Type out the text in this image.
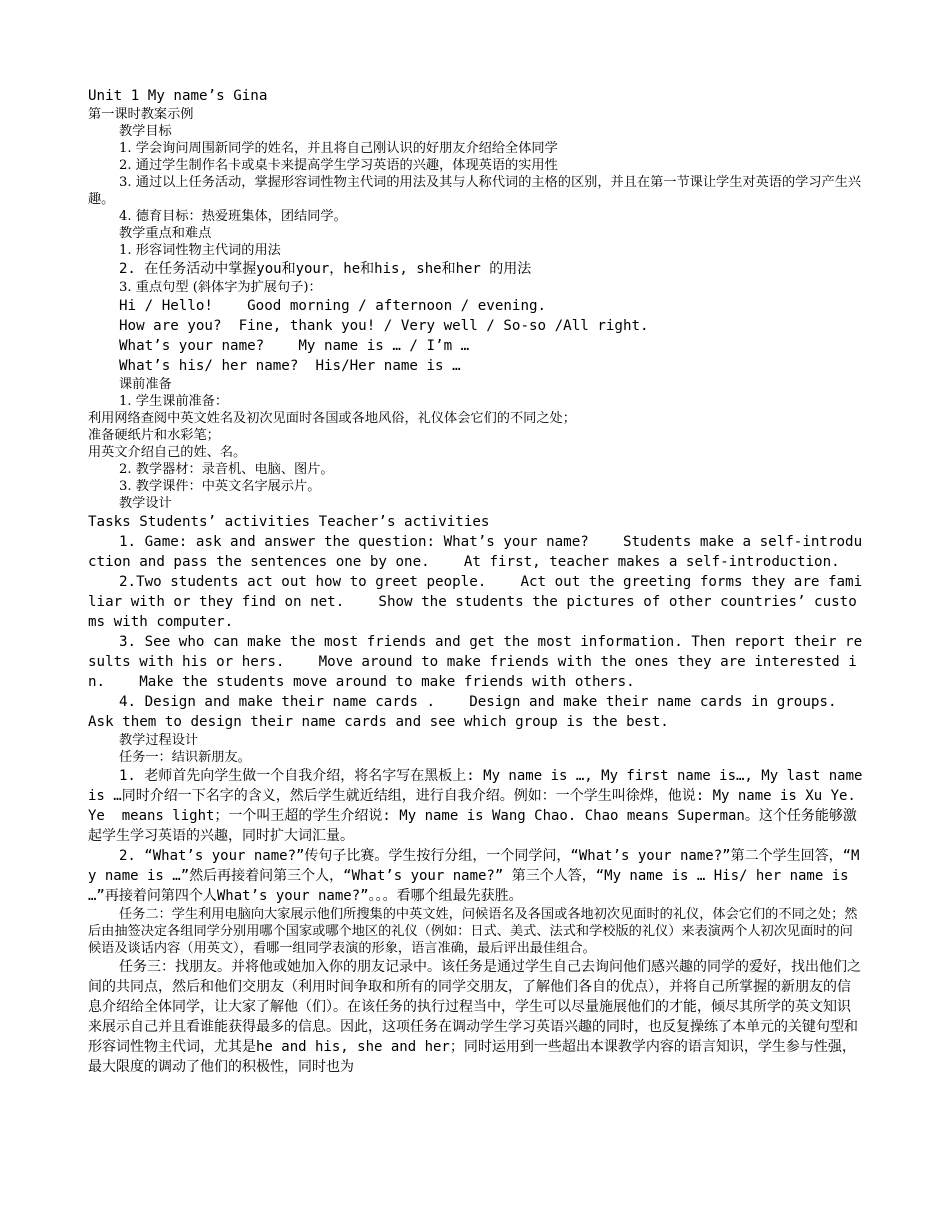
Unit 1 My name’s Gina

第一课时教案示例

教学目标

1. 学会询问周围新同学的姓名，并且将自己刚认识的好朋友介绍给全体同学

2. 通过学生制作名卡或桌卡来提高学生学习英语的兴趣，体现英语的实用性

3. 通过以上任务活动，掌握形容词性物主代词的用法及其与人称代词的主格的区别，并且在第一节课让学生对英语的学习产生兴趣。

4. 德育目标：热爱班集体，团结同学。

教学重点和难点

1. 形容词性物主代词的用法

2. 在任务活动中掌握you和your，he和his, she和her 的用法

3. 重点句型 (斜体字为扩展句子)：

Hi / Hello!    Good morning / afternoon / evening.

How are you?  Fine, thank you! / Very well / So-so /All right.

What’s your name?    My name is … / I’m …

What’s his/ her name?  His/Her name is …

课前准备

1. 学生课前准备：

利用网络查阅中英文姓名及初次见面时各国或各地风俗，礼仪体会它们的不同之处；

准备硬纸片和水彩笔；

用英文介绍自己的姓、名。

2. 教学器材：录音机、电脑、图片。

3. 教学课件：中英文名字展示片。

教学设计

Tasks Students’ activities Teacher’s activities

1. Game: ask and answer the question: What’s your name?    Students make a self-introduction and pass the sentences one by one.    At first, teacher makes a self-introduction.

2.Two students act out how to greet people.    Act out the greeting forms they are familiar with or they find on net.    Show the students the pictures of other countries’ customs with computer.

3. See who can make the most friends and get the most information. Then report their results with his or hers.    Move around to make friends with the ones they are interested in.    Make the students move around to make friends with others.

4. Design and make their name cards .    Design and make their name cards in groups.      Ask them to design their name cards and see which group is the best.

教学过程设计

任务一：结识新朋友。

1. 老师首先向学生做一个自我介绍，将名字写在黑板上: My name is …, My first name is…, My last name is …同时介绍一下名字的含义，然后学生就近结组，进行自我介绍。例如：一个学生叫徐烨，他说: My name is Xu Ye. Ye  means light；一个叫王超的学生介绍说: My name is Wang Chao. Chao means Superman。这个任务能够激起学生学习英语的兴趣，同时扩大词汇量。

2. “What’s your name?”传句子比赛。学生按行分组，一个同学问，“What’s your name?”第二个学生回答，“My name is …”然后再接着问第三个人，“What’s your name?” 第三个人答，“My name is … His/ her name is …”再接着问第四个人What’s your name?”。。。看哪个组最先获胜。

任务二：学生利用电脑向大家展示他们所搜集的中英文姓，问候语名及各国或各地初次见面时的礼仪，体会它们的不同之处；然后由抽签决定各组同学分别用哪个国家或哪个地区的礼仪（例如：日式、美式、法式和学校版的礼仪）来表演两个人初次见面时的问候语及谈话内容（用英文），看哪一组同学表演的形象，语言准确，最后评出最佳组合。

任务三：找朋友。并将他或她加入你的朋友记录中。该任务是通过学生自己去询问他们感兴趣的同学的爱好，找出他们之间的共同点，然后和他们交朋友（利用时间争取和所有的同学交朋友，了解他们各自的优点），并将自己所掌握的新朋友的信息介绍给全体同学，让大家了解他（们）。在该任务的执行过程当中，学生可以尽量施展他们的才能，倾尽其所学的英文知识来展示自己并且看谁能获得最多的信息。因此，这项任务在调动学生学习英语兴趣的同时，也反复操练了本单元的关键句型和形容词性物主代词，尤其是he and his, she and her；同时运用到一些超出本课教学内容的语言知识，学生参与性强，最大限度的调动了他们的积极性，同时也为
